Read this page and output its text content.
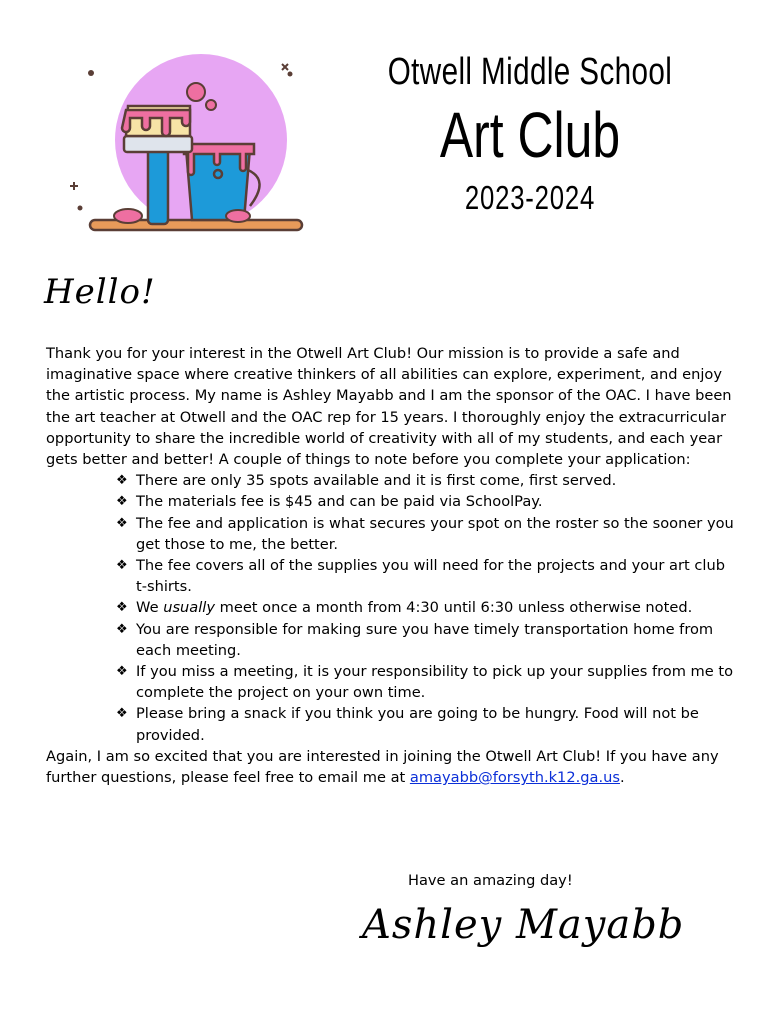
Otwell Middle School

Art Club

2023-2024

Hello!

Thank you for your interest in the Otwell Art Club! Our mission is to provide a safe and imaginative space where creative thinkers of all abilities can explore, experiment, and enjoy the artistic process. My name is Ashley Mayabb and I am the sponsor of the OAC. I have been the art teacher at Otwell and the OAC rep for 15 years. I thoroughly enjoy the extracurricular opportunity to share the incredible world of creativity with all of my students, and each year gets better and better! A couple of things to note before you complete your application:

❖ There are only 35 spots available and it is first come, first served.
❖ The materials fee is $45 and can be paid via SchoolPay.
❖ The fee and application is what secures your spot on the roster so the sooner you get those to me, the better.
❖ The fee covers all of the supplies you will need for the projects and your art club t-shirts.
❖ We usually meet once a month from 4:30 until 6:30 unless otherwise noted.
❖ You are responsible for making sure you have timely transportation home from each meeting.
❖ If you miss a meeting, it is your responsibility to pick up your supplies from me to complete the project on your own time.
❖ Please bring a snack if you think you are going to be hungry. Food will not be provided.

Again, I am so excited that you are interested in joining the Otwell Art Club! If you have any further questions, please feel free to email me at amayabb@forsyth.k12.ga.us.

Have an amazing day!
Ashley Mayabb
